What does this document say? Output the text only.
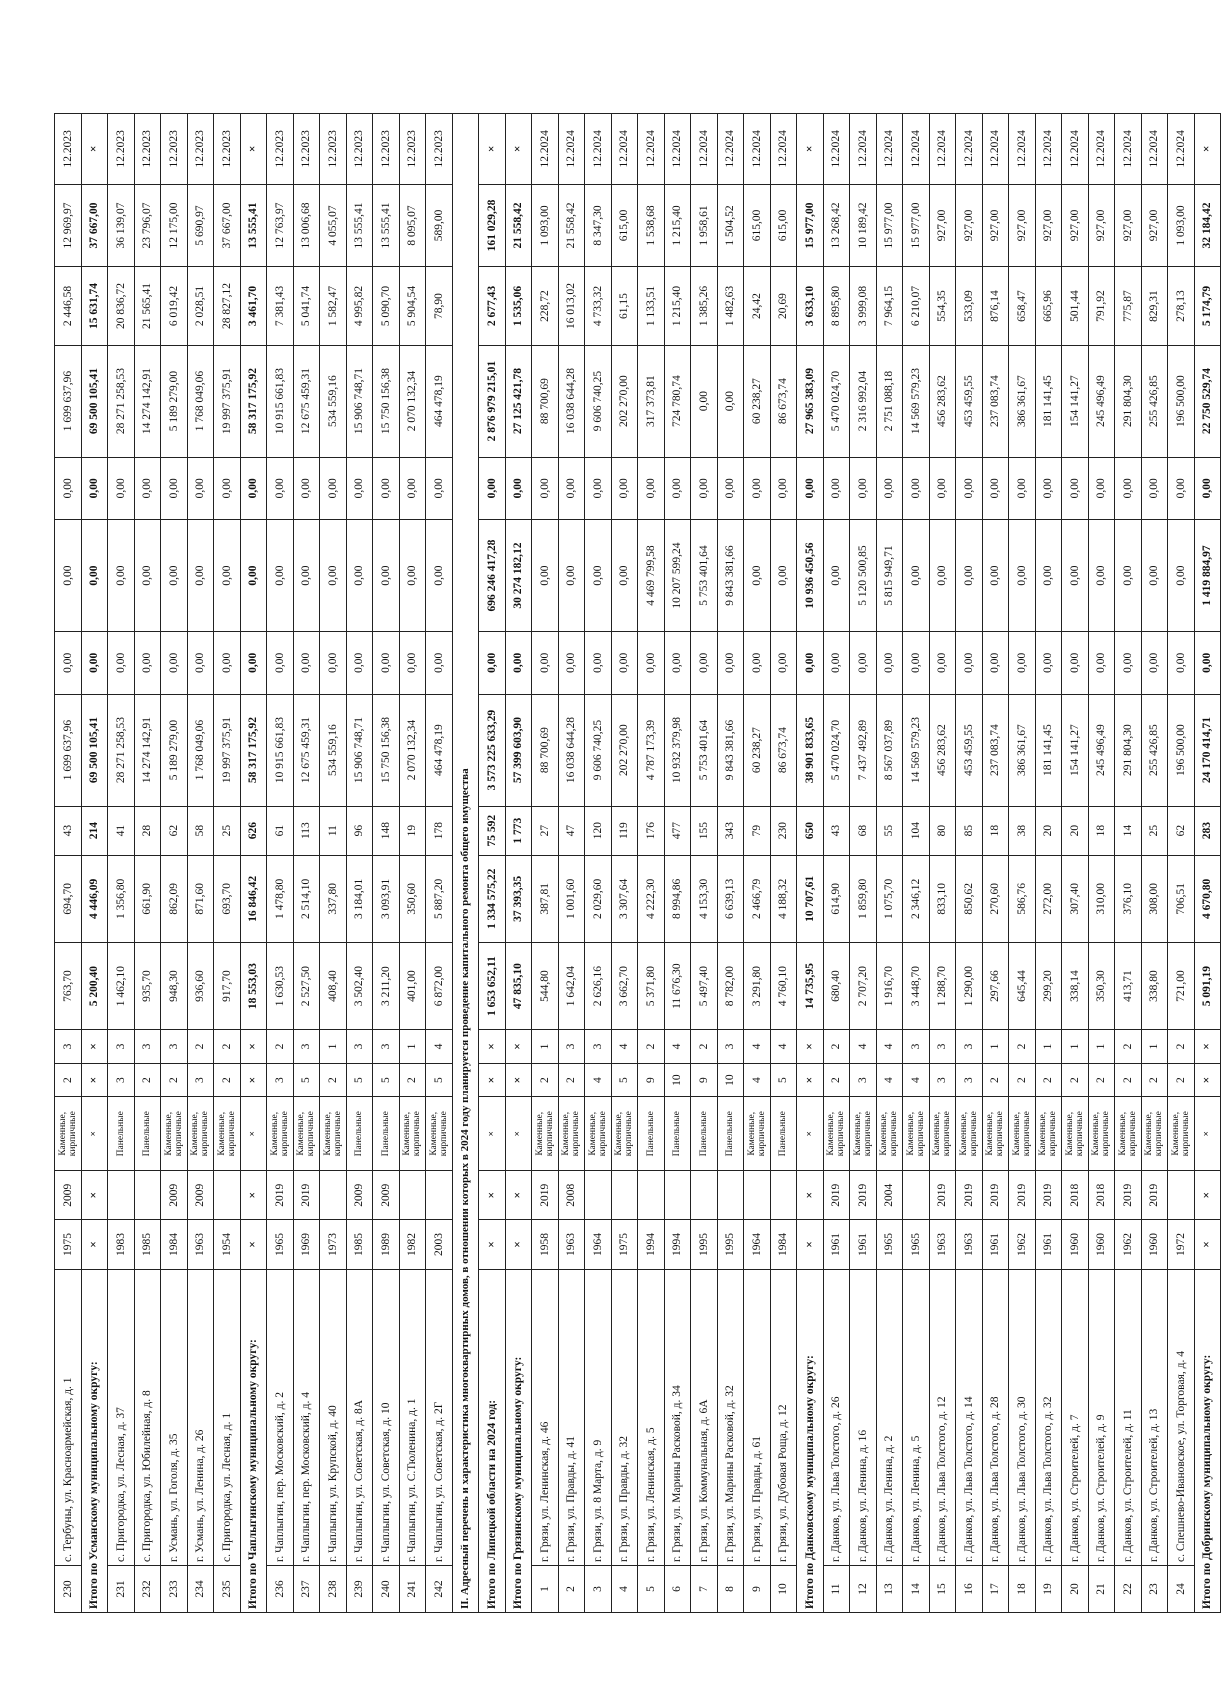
230	с. Тербуны, ул. Красноармейская, д. 1	1975	2009	Каменные, кирпичные	2	3	763,70	694,70	43	1 699 637,96	0,00	0,00	0,00	1 699 637,96	2 446,58	12 969,97	12.2023
Итого по Усманскому муниципальному округу:		×	×	×	×	×	5 200,40	4 446,09	214	69 500 105,41	0,00	0,00	0,00	69 500 105,41	15 631,74	37 667,00	×
231	с. Пригородка, ул. Лесная, д. 37	1983		Панельные	3	3	1 462,10	1 356,80	41	28 271 258,53	0,00	0,00	0,00	28 271 258,53	20 836,72	36 139,07	12.2023
232	с. Пригородка, ул. Юбилейная, д. 8	1985		Панельные	2	3	935,70	661,90	28	14 274 142,91	0,00	0,00	0,00	14 274 142,91	21 565,41	23 796,07	12.2023
233	г. Усмань, ул. Гоголя, д. 35	1984	2009	Каменные, кирпичные	2	3	948,30	862,09	62	5 189 279,00	0,00	0,00	0,00	5 189 279,00	6 019,42	12 175,00	12.2023
234	г. Усмань, ул. Ленина, д. 26	1963	2009	Каменные, кирпичные	3	2	936,60	871,60	58	1 768 049,06	0,00	0,00	0,00	1 768 049,06	2 028,51	5 690,97	12.2023
235	с. Пригородка, ул. Лесная, д. 1	1954		Каменные, кирпичные	2	2	917,70	693,70	25	19 997 375,91	0,00	0,00	0,00	19 997 375,91	28 827,12	37 667,00	12.2023
Итого по Чаплыгинскому муниципальному округу:		×	×	×	×	×	18 553,03	16 846,42	626	58 317 175,92	0,00	0,00	0,00	58 317 175,92	3 461,70	13 555,41	×
236	г. Чаплыгин, пер. Московский, д. 2	1965	2019	Каменные, кирпичные	3	2	1 630,53	1 478,80	61	10 915 661,83	0,00	0,00	0,00	10 915 661,83	7 381,43	12 763,97	12.2023
237	г. Чаплыгин, пер. Московский, д. 4	1969	2019	Каменные, кирпичные	5	3	2 527,50	2 514,10	113	12 675 459,31	0,00	0,00	0,00	12 675 459,31	5 041,74	13 006,68	12.2023
238	г. Чаплыгин, ул. Крупской, д. 40	1973		Каменные, кирпичные	2	1	408,40	337,80	11	534 559,16	0,00	0,00	0,00	534 559,16	1 582,47	4 055,07	12.2023
239	г. Чаплыгин, ул. Советская, д. 8А	1985	2009	Панельные	5	3	3 502,40	3 184,01	96	15 906 748,71	0,00	0,00	0,00	15 906 748,71	4 995,82	13 555,41	12.2023
240	г. Чаплыгин, ул. Советская, д. 10	1989	2009	Панельные	5	3	3 211,20	3 093,91	148	15 750 156,38	0,00	0,00	0,00	15 750 156,38	5 090,70	13 555,41	12.2023
241	г. Чаплыгин, ул. С.Тюленина, д. 1	1982		Каменные, кирпичные	2	1	401,00	350,60	19	2 070 132,34	0,00	0,00	0,00	2 070 132,34	5 904,54	8 095,07	12.2023
242	г. Чаплыгин, ул. Советская, д. 2Г	2003		Каменные, кирпичные	5	4	6 872,00	5 887,20	178	464 478,19	0,00	0,00	0,00	464 478,19	78,90	589,00	12.2023
II. Адресный перечень и характеристика многоквартирных домов, в отношении которых в 2024 году планируется проведение капитального ремонта общего имущества																	
Итого по Липецкой области на 2024 год:		×	×	×	×	×	1 653 652,11	1 334 575,22	75 592	3 573 225 633,29	0,00	696 246 417,28	0,00	2 876 979 215,01	2 677,43	161 029,28	×
Итого по Грязинскому муниципальному округу:		×	×	×	×	×	47 835,10	37 393,35	1 773	57 399 603,90	0,00	30 274 182,12	0,00	27 125 421,78	1 535,06	21 558,42	×
1	г. Грязи, ул. Ленинская, д. 46	1958	2019	Каменные, кирпичные	2	1	544,80	387,81	27	88 700,69	0,00	0,00	0,00	88 700,69	228,72	1 093,00	12.2024
2	г. Грязи, ул. Правды, д. 41	1963	2008	Каменные, кирпичные	2	3	1 642,04	1 001,60	47	16 038 644,28	0,00	0,00	0,00	16 038 644,28	16 013,02	21 558,42	12.2024
3	г. Грязи, ул. 8 Марта, д. 9	1964		Каменные, кирпичные	4	3	2 626,16	2 029,60	120	9 606 740,25	0,00	0,00	0,00	9 606 740,25	4 733,32	8 347,30	12.2024
4	г. Грязи, ул. Правды, д. 32	1975		Каменные, кирпичные	5	4	3 662,70	3 307,64	119	202 270,00	0,00	0,00	0,00	202 270,00	61,15	615,00	12.2024
5	г. Грязи, ул. Ленинская, д. 5	1994		Панельные	9	2	5 371,80	4 222,30	176	4 787 173,39	0,00	4 469 799,58	0,00	317 373,81	1 133,51	1 538,68	12.2024
6	г. Грязи, ул. Марины Расковой, д. 34	1994		Панельные	10	4	11 676,30	8 994,86	477	10 932 379,98	0,00	10 207 599,24	0,00	724 780,74	1 215,40	1 215,40	12.2024
7	г. Грязи, ул. Коммунальная, д. 6А	1995		Панельные	9	2	5 497,40	4 153,30	155	5 753 401,64	0,00	5 753 401,64	0,00	0,00	1 385,26	1 958,61	12.2024
8	г. Грязи, ул. Марины Расковой, д. 32	1995		Панельные	10	3	8 782,00	6 639,13	343	9 843 381,66	0,00	9 843 381,66	0,00	0,00	1 482,63	1 504,52	12.2024
9	г. Грязи, ул. Правды, д. 61	1964		Каменные, кирпичные	4	4	3 291,80	2 466,79	79	60 238,27	0,00	0,00	0,00	60 238,27	24,42	615,00	12.2024
10	г. Грязи, ул. Дубовая Роща, д. 12	1984		Панельные	5	4	4 760,10	4 188,32	230	86 673,74	0,00	0,00	0,00	86 673,74	20,69	615,00	12.2024
Итого по Данковскому муниципальному округу:		×	×	×	×	×	14 735,95	10 707,61	650	38 901 833,65	0,00	10 936 450,56	0,00	27 965 383,09	3 633,10	15 977,00	×
11	г. Данков, ул. Льва Толстого, д. 26	1961	2019	Каменные, кирпичные	2	2	680,40	614,90	43	5 470 024,70	0,00	0,00	0,00	5 470 024,70	8 895,80	13 268,42	12.2024
12	г. Данков, ул. Ленина, д. 16	1961	2019	Каменные, кирпичные	3	4	2 707,20	1 859,80	68	7 437 492,89	0,00	5 120 500,85	0,00	2 316 992,04	3 999,08	10 189,42	12.2024
13	г. Данков, ул. Ленина, д. 2	1965	2004	Каменные, кирпичные	4	4	1 916,70	1 075,70	55	8 567 037,89	0,00	5 815 949,71	0,00	2 751 088,18	7 964,15	15 977,00	12.2024
14	г. Данков, ул. Ленина, д. 5	1965		Каменные, кирпичные	4	3	3 448,70	2 346,12	104	14 569 579,23	0,00	0,00	0,00	14 569 579,23	6 210,07	15 977,00	12.2024
15	г. Данков, ул. Льва Толстого, д. 12	1963	2019	Каменные, кирпичные	3	3	1 288,70	833,10	80	456 283,62	0,00	0,00	0,00	456 283,62	554,35	927,00	12.2024
16	г. Данков, ул. Льва Толстого, д. 14	1963	2019	Каменные, кирпичные	3	3	1 290,00	850,62	85	453 459,55	0,00	0,00	0,00	453 459,55	533,09	927,00	12.2024
17	г. Данков, ул. Льва Толстого, д. 28	1961	2019	Каменные, кирпичные	2	1	297,66	270,60	18	237 083,74	0,00	0,00	0,00	237 083,74	876,14	927,00	12.2024
18	г. Данков, ул. Льва Толстого, д. 30	1962	2019	Каменные, кирпичные	2	2	645,44	586,76	38	386 361,67	0,00	0,00	0,00	386 361,67	658,47	927,00	12.2024
19	г. Данков, ул. Льва Толстого, д. 32	1961	2019	Каменные, кирпичные	2	1	299,20	272,00	20	181 141,45	0,00	0,00	0,00	181 141,45	665,96	927,00	12.2024
20	г. Данков, ул. Строителей, д. 7	1960	2018	Каменные, кирпичные	2	1	338,14	307,40	20	154 141,27	0,00	0,00	0,00	154 141,27	501,44	927,00	12.2024
21	г. Данков, ул. Строителей, д. 9	1960	2018	Каменные, кирпичные	2	1	350,30	310,00	18	245 496,49	0,00	0,00	0,00	245 496,49	791,92	927,00	12.2024
22	г. Данков, ул. Строителей, д. 11	1962	2019	Каменные, кирпичные	2	2	413,71	376,10	14	291 804,30	0,00	0,00	0,00	291 804,30	775,87	927,00	12.2024
23	г. Данков, ул. Строителей, д. 13	1960	2019	Каменные, кирпичные	2	1	338,80	308,00	25	255 426,85	0,00	0,00	0,00	255 426,85	829,31	927,00	12.2024
24	с. Спешнево-Ивановское, ул. Торговая, д. 4	1972		Каменные, кирпичные	2	2	721,00	706,51	62	196 500,00	0,00	0,00	0,00	196 500,00	278,13	1 093,00	12.2024
Итого по Добринскому муниципальному округу:		×	×	×	×	×	5 091,19	4 670,80	283	24 170 414,71	0,00	1 419 884,97	0,00	22 750 529,74	5 174,79	32 184,42	×
